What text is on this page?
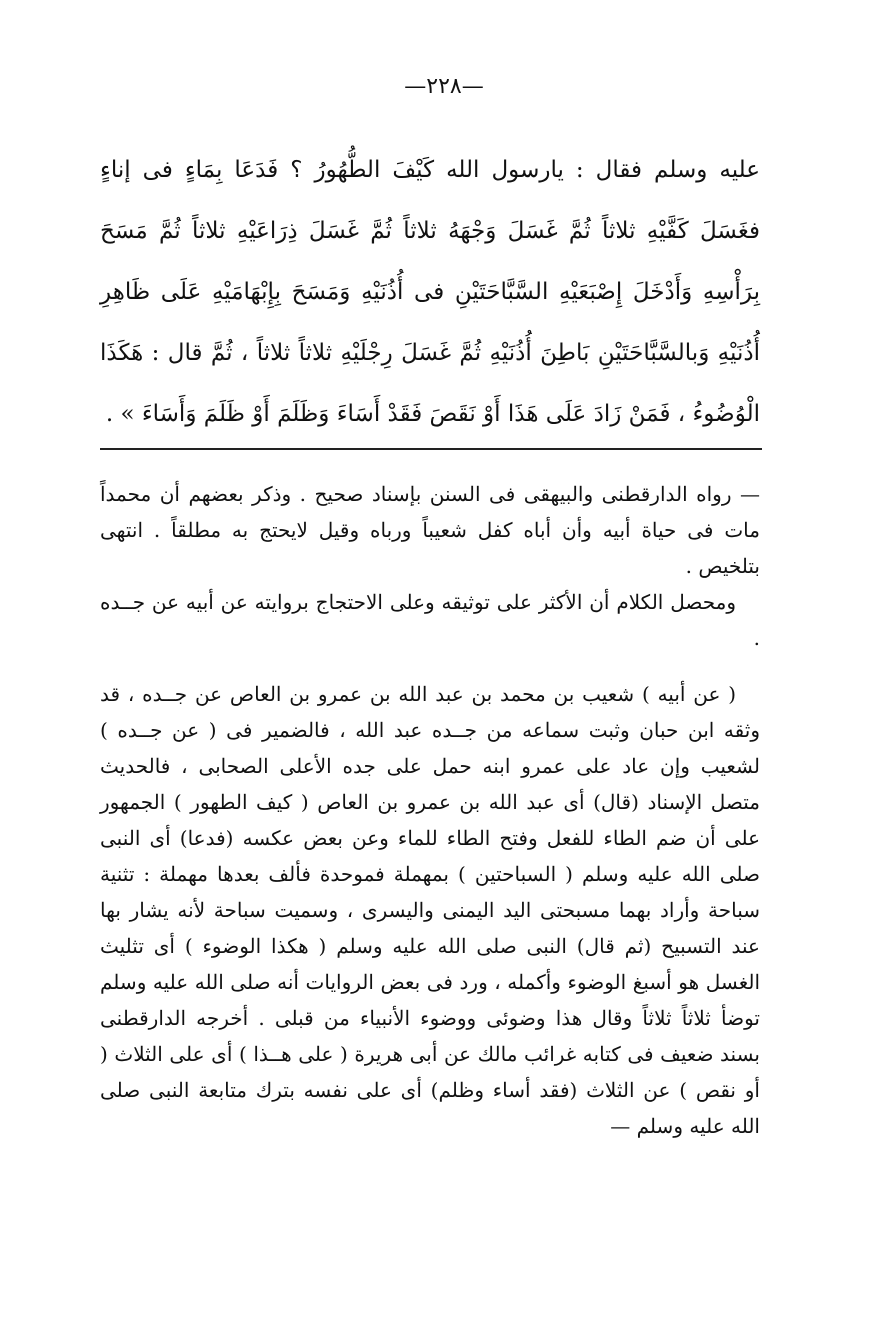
—٢٢٨—
عليه وسلم فقال : يارسول الله كَيْفَ الطُّهُورُ ؟ فَدَعَا بِمَاءٍ فى إناءٍ فغَسَلَ كَفَّيْهِ ثلاثاً ثُمَّ غَسَلَ وَجْهَهُ ثلاثاً ثُمَّ غَسَلَ ذِرَاعَيْهِ ثلاثاً ثُمَّ مَسَحَ بِرَأْسِهِ وَأَدْخَلَ إِصْبَعَيْهِ السَّبَّاحَتَيْنِ فى أُذُنَيْهِ وَمَسَحَ بِإِبْهَامَيْهِ عَلَى ظَاهِرِ أُذُنَيْهِ وَبالسَّبَّاحَتَيْنِ بَاطِنَ أُذُنَيْهِ ثُمَّ غَسَلَ رِجْلَيْهِ ثلاثاً ثلاثاً ، ثُمَّ قال : هَكَذَا الْوُضُوءُ ، فَمَنْ زَادَ عَلَى هَذَا أَوْ نَقَصَ فَقَدْ أَسَاءَ وَظَلَمَ أَوْ ظَلَمَ وَأَسَاءَ » .

— رواه الدارقطنى والبيهقى فى السنن بإسناد صحيح . وذكر بعضهم أن محمداً مات فى حياة أبيه وأن أباه كفل شعيباً ورباه وقيل لايحتج به مطلقاً . انتهى بتلخيص .

ومحصل الكلام أن الأكثر على توثيقه وعلى الاحتجاج بروايته عن أبيه عن جــده .

( عن أبيه ) شعيب بن محمد بن عبد الله بن عمرو بن العاص عن جــده ، قد وثقه ابن حبان وثبت سماعه من جــده عبد الله ، فالضمير فى ( عن جــده ) لشعيب وإن عاد على عمرو ابنه حمل على جده الأعلى الصحابى ، فالحديث متصل الإسناد (قال) أى عبد الله بن عمرو بن العاص ( كيف الطهور ) الجمهور على أن ضم الطاء للفعل وفتح الطاء للماء وعن بعض عكسه (فدعا) أى النبى صلى الله عليه وسلم ( السباحتين ) بمهملة فموحدة فألف بعدها مهملة : تثنية سباحة وأراد بهما مسبحتى اليد اليمنى واليسرى ، وسميت سباحة لأنه يشار بها عند التسبيح (ثم قال) النبى صلى الله عليه وسلم ( هكذا الوضوء ) أى تثليث الغسل هو أسبغ الوضوء وأكمله ، ورد فى بعض الروايات أنه صلى الله عليه وسلم توضأ ثلاثاً ثلاثاً وقال هذا وضوئى ووضوء الأنبياء من قبلى . أخرجه الدارقطنى بسند ضعيف فى كتابه غرائب مالك عن أبى هريرة ( على هــذا ) أى على الثلاث ( أو نقص ) عن الثلاث (فقد أساء وظلم) أى على نفسه بترك متابعة النبى صلى الله عليه وسلم —
